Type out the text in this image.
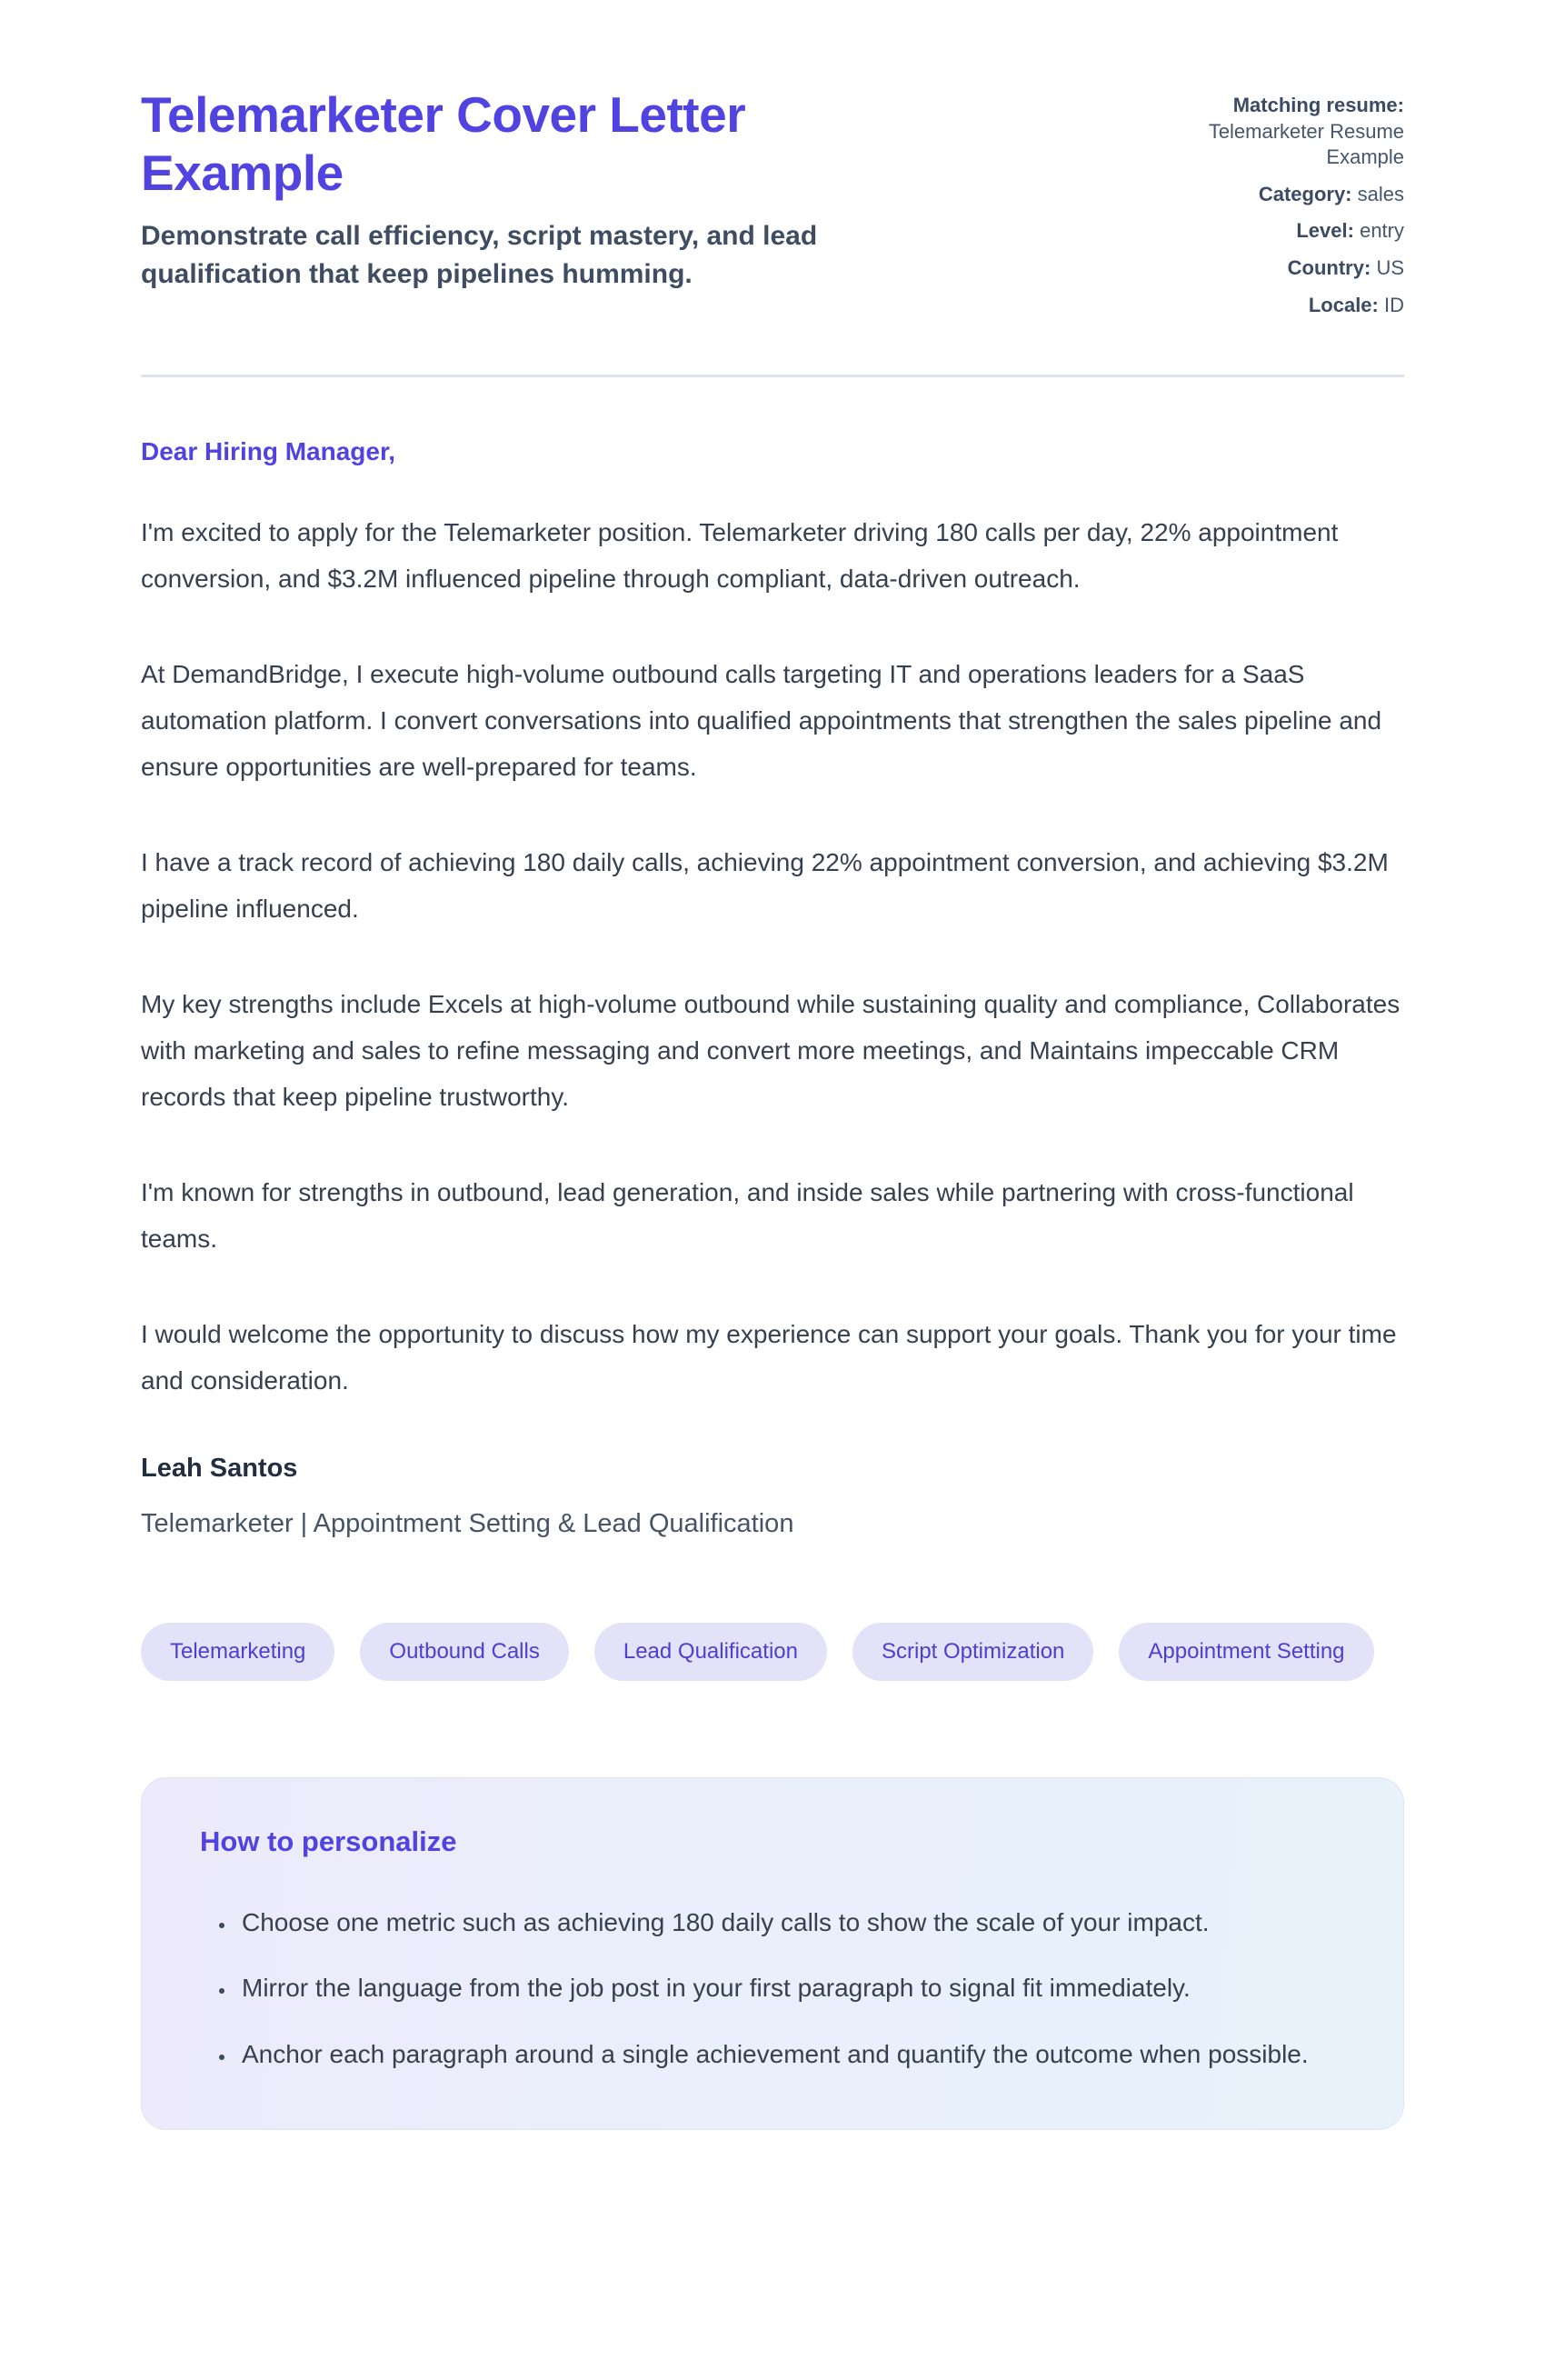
Telemarketer Cover Letter Example

Demonstrate call efficiency, script mastery, and lead qualification that keep pipelines humming.

Matching resume: Telemarketer Resume Example
Category: sales
Level: entry
Country: US
Locale: ID
Dear Hiring Manager,

I'm excited to apply for the Telemarketer position. Telemarketer driving 180 calls per day, 22% appointment conversion, and $3.2M influenced pipeline through compliant, data-driven outreach.

At DemandBridge, I execute high-volume outbound calls targeting IT and operations leaders for a SaaS automation platform. I convert conversations into qualified appointments that strengthen the sales pipeline and ensure opportunities are well-prepared for teams.

I have a track record of achieving 180 daily calls, achieving 22% appointment conversion, and achieving $3.2M pipeline influenced.

My key strengths include Excels at high-volume outbound while sustaining quality and compliance, Collaborates with marketing and sales to refine messaging and convert more meetings, and Maintains impeccable CRM records that keep pipeline trustworthy.

I'm known for strengths in outbound, lead generation, and inside sales while partnering with cross-functional teams.

I would welcome the opportunity to discuss how my experience can support your goals. Thank you for your time and consideration.

Leah Santos
Telemarketer | Appointment Setting & Lead Qualification
Telemarketing	Outbound Calls	Lead Qualification	Script Optimization	Appointment Setting
How to personalize
• Choose one metric such as achieving 180 daily calls to show the scale of your impact.
• Mirror the language from the job post in your first paragraph to signal fit immediately.
• Anchor each paragraph around a single achievement and quantify the outcome when possible.
